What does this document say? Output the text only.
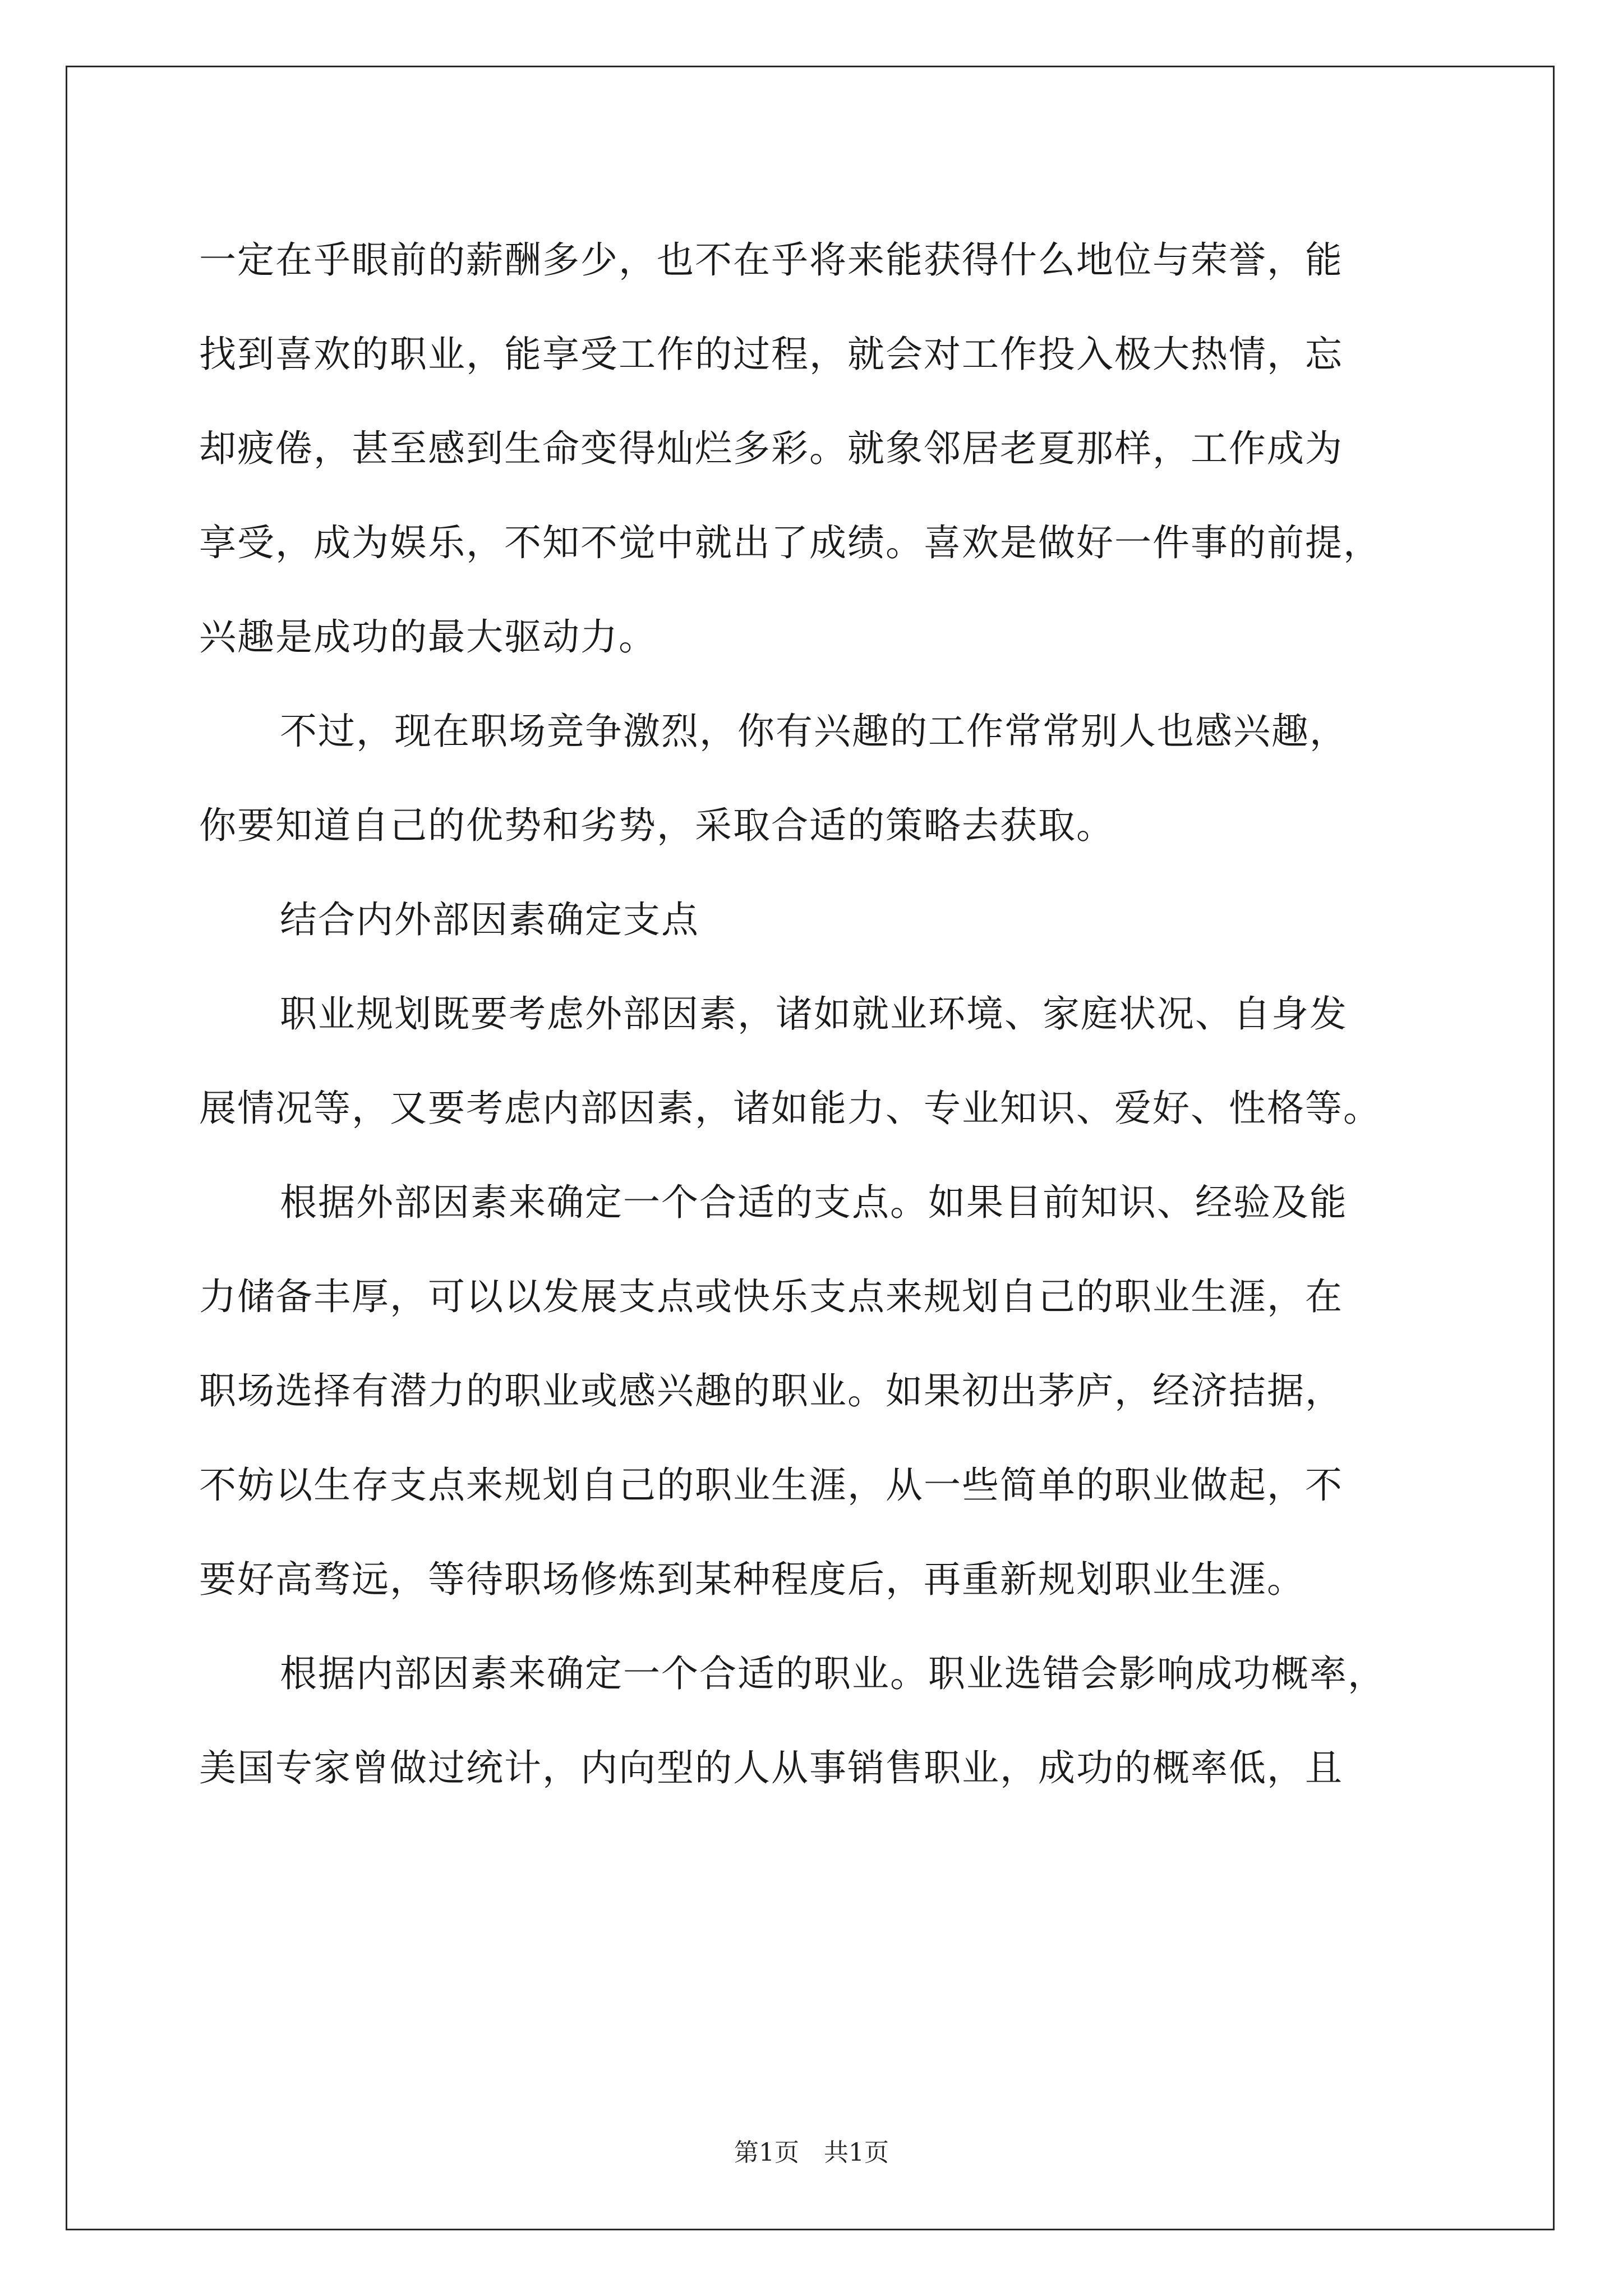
一定在乎眼前的薪酬多少，也不在乎将来能获得什么地位与荣誉，能

找到喜欢的职业，能享受工作的过程，就会对工作投入极大热情，忘

却疲倦，甚至感到生命变得灿烂多彩。就象邻居老夏那样，工作成为

享受，成为娱乐，不知不觉中就出了成绩。喜欢是做好一件事的前提，

兴趣是成功的最大驱动力。

不过，现在职场竞争激烈，你有兴趣的工作常常别人也感兴趣，

你要知道自己的优势和劣势，采取合适的策略去获取。

结合内外部因素确定支点

职业规划既要考虑外部因素，诸如就业环境、家庭状况、自身发

展情况等，又要考虑内部因素，诸如能力、专业知识、爱好、性格等。

根据外部因素来确定一个合适的支点。如果目前知识、经验及能

力储备丰厚，可以以发展支点或快乐支点来规划自己的职业生涯，在

职场选择有潜力的职业或感兴趣的职业。如果初出茅庐，经济拮据，

不妨以生存支点来规划自己的职业生涯，从一些简单的职业做起，不

要好高骛远，等待职场修炼到某种程度后，再重新规划职业生涯。

根据内部因素来确定一个合适的职业。职业选错会影响成功概率，

美国专家曾做过统计，内向型的人从事销售职业，成功的概率低，且

第1页　共1页
